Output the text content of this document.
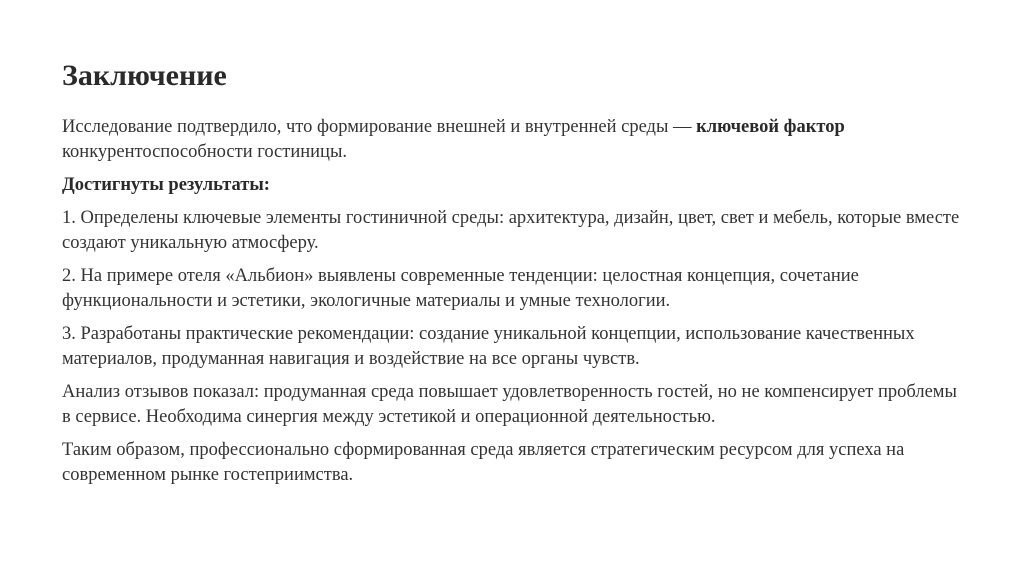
Заключение

Исследование подтвердило, что формирование внешней и внутренней среды — ключевой фактор конкурентоспособности гостиницы.

Достигнуты результаты:

1. Определены ключевые элементы гостиничной среды: архитектура, дизайн, цвет, свет и мебель, которые вместе создают уникальную атмосферу.

2. На примере отеля «Альбион» выявлены современные тенденции: целостная концепция, сочетание функциональности и эстетики, экологичные материалы и умные технологии.

3. Разработаны практические рекомендации: создание уникальной концепции, использование качественных материалов, продуманная навигация и воздействие на все органы чувств.

Анализ отзывов показал: продуманная среда повышает удовлетворенность гостей, но не компенсирует проблемы в сервисе. Необходима синергия между эстетикой и операционной деятельностью.

Таким образом, профессионально сформированная среда является стратегическим ресурсом для успеха на современном рынке гостеприимства.
